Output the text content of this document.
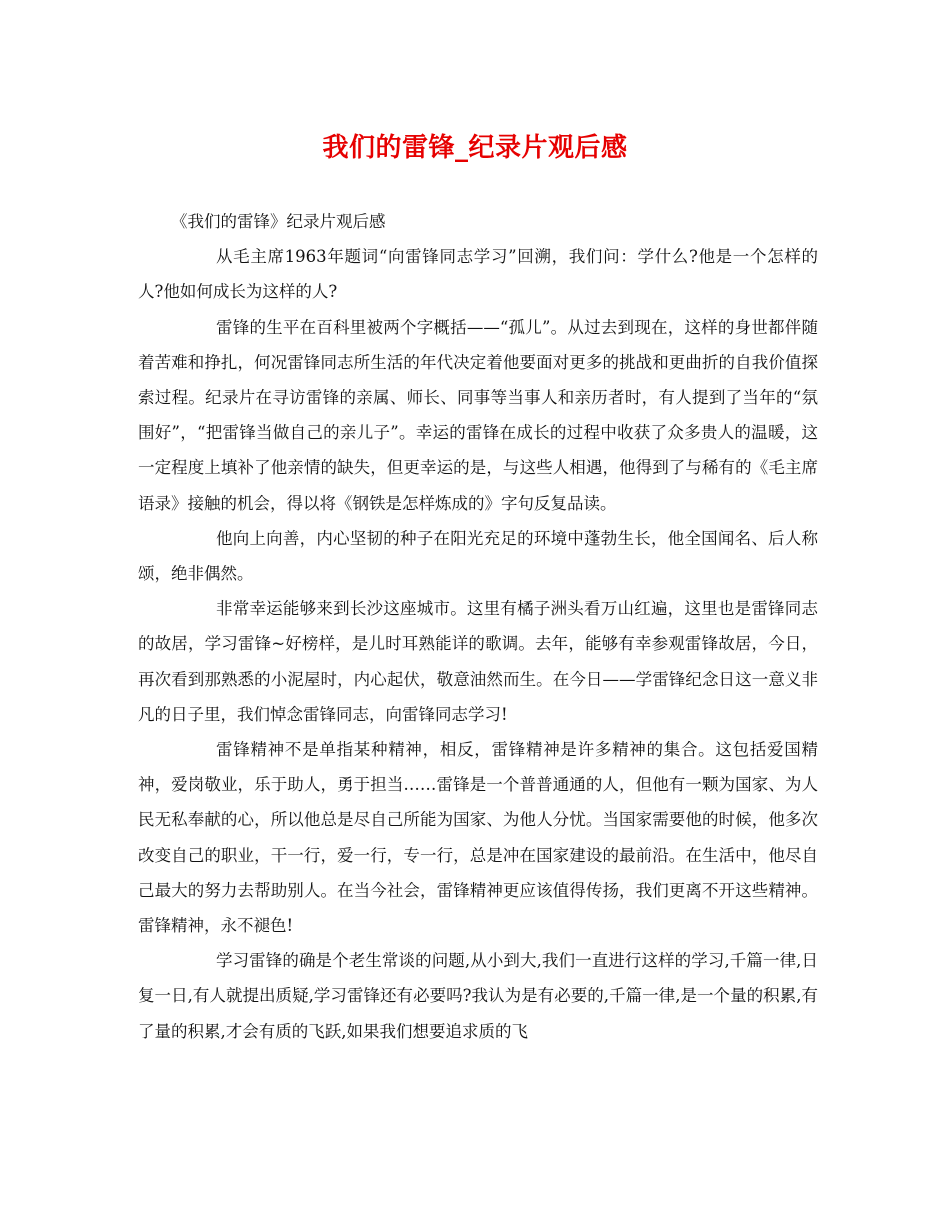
我们的雷锋_纪录片观后感

《我们的雷锋》纪录片观后感

从毛主席1963年题词“向雷锋同志学习”回溯，我们问：学什么?他是一个怎样的人?他如何成长为这样的人?

雷锋的生平在百科里被两个字概括——“孤儿”。从过去到现在，这样的身世都伴随着苦难和挣扎，何况雷锋同志所生活的年代决定着他要面对更多的挑战和更曲折的自我价值探索过程。纪录片在寻访雷锋的亲属、师长、同事等当事人和亲历者时，有人提到了当年的“氛围好”，“把雷锋当做自己的亲儿子”。幸运的雷锋在成长的过程中收获了众多贵人的温暖，这一定程度上填补了他亲情的缺失，但更幸运的是，与这些人相遇，他得到了与稀有的《毛主席语录》接触的机会，得以将《钢铁是怎样炼成的》字句反复品读。

他向上向善，内心坚韧的种子在阳光充足的环境中蓬勃生长，他全国闻名、后人称颂，绝非偶然。

非常幸运能够来到长沙这座城市。这里有橘子洲头看万山红遍，这里也是雷锋同志的故居，学习雷锋~好榜样，是儿时耳熟能详的歌调。去年，能够有幸参观雷锋故居，今日，再次看到那熟悉的小泥屋时，内心起伏，敬意油然而生。在今日——学雷锋纪念日这一意义非凡的日子里，我们悼念雷锋同志，向雷锋同志学习!

雷锋精神不是单指某种精神，相反，雷锋精神是许多精神的集合。这包括爱国精神，爱岗敬业，乐于助人，勇于担当……雷锋是一个普普通通的人，但他有一颗为国家、为人民无私奉献的心，所以他总是尽自己所能为国家、为他人分忧。当国家需要他的时候，他多次改变自己的职业，干一行，爱一行，专一行，总是冲在国家建设的最前沿。在生活中，他尽自己最大的努力去帮助别人。在当今社会，雷锋精神更应该值得传扬，我们更离不开这些精神。雷锋精神，永不褪色!

学习雷锋的确是个老生常谈的问题,从小到大,我们一直进行这样的学习,千篇一律,日复一日,有人就提出质疑,学习雷锋还有必要吗?我认为是有必要的,千篇一律,是一个量的积累,有了量的积累,才会有质的飞跃,如果我们想要追求质的飞
